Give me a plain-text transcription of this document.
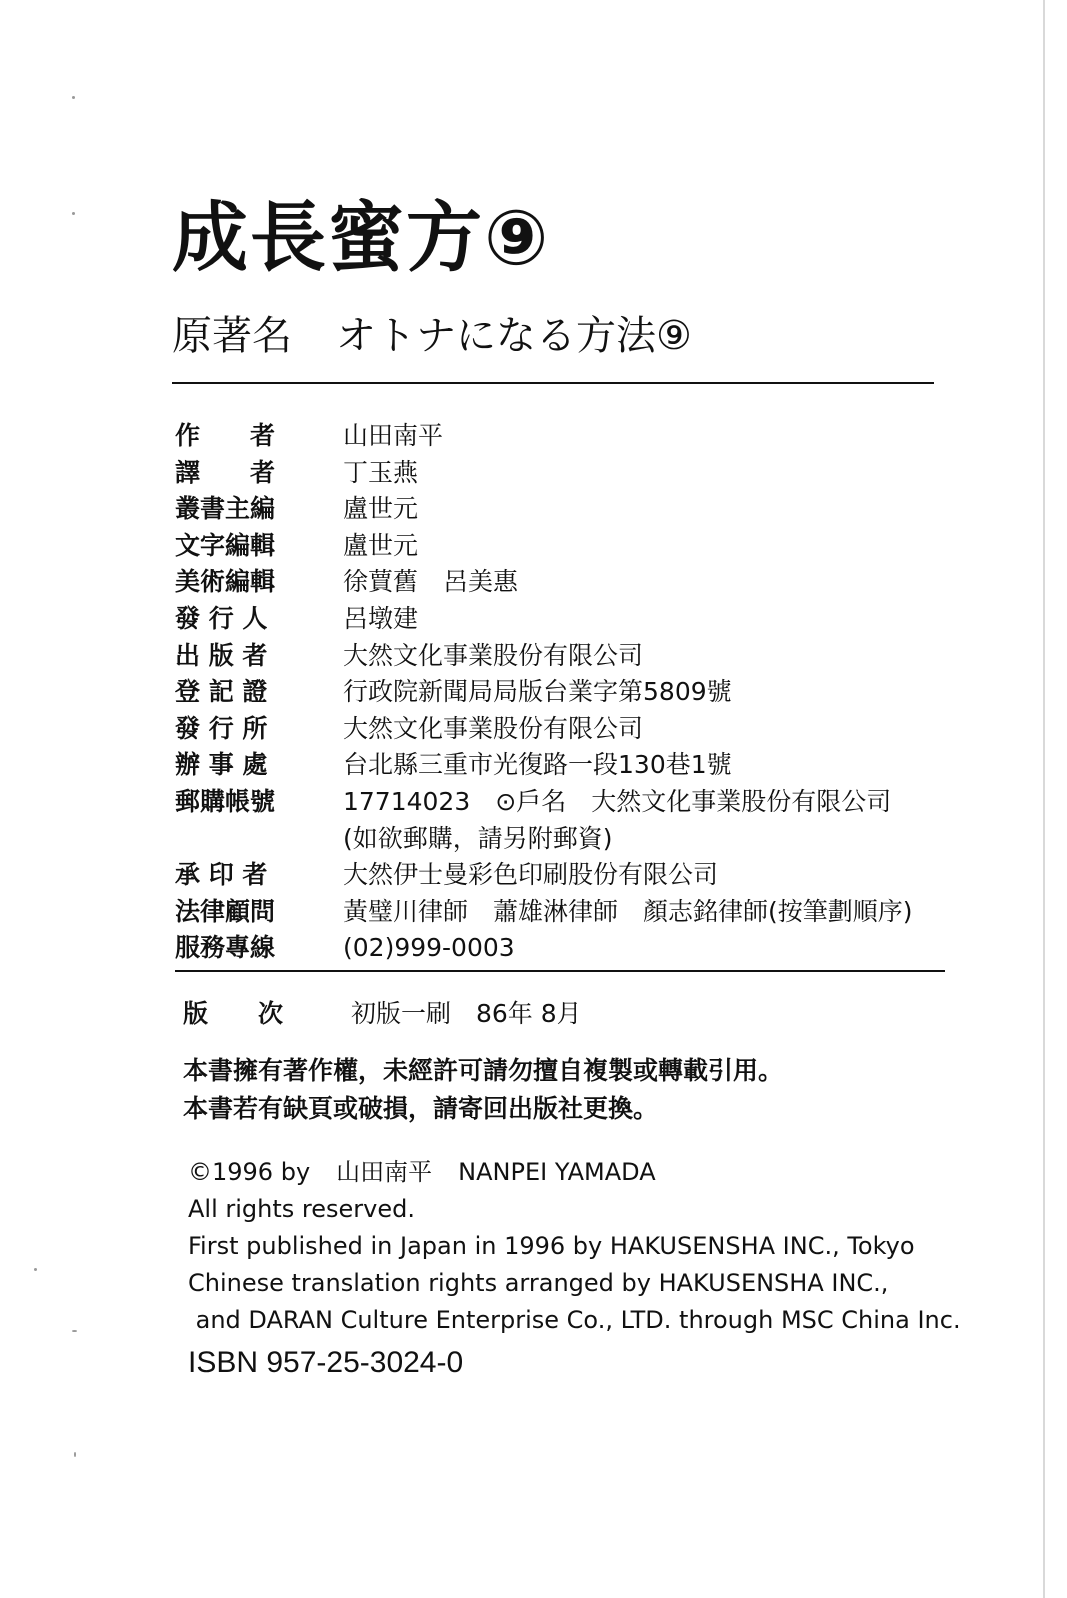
成長蜜方⑨
原著名 オトナになる方法⑨
作　　者	山田南平
譯　　者	丁玉燕
叢書主編	盧世元
文字編輯	盧世元
美術編輯	徐蕒舊　呂美惠
發 行 人	呂墩建
出 版 者	大然文化事業股份有限公司
登 記 證	行政院新聞局局版台業字第5809號
發 行 所	大然文化事業股份有限公司
辦 事 處	台北縣三重市光復路一段130巷1號
郵購帳號	17714023　⊙戶名　大然文化事業股份有限公司
(如欲郵購，請另附郵資)
承 印 者	大然伊士曼彩色印刷股份有限公司
法律顧問	黃璧川律師　蕭雄淋律師　顏志銘律師(按筆劃順序)
服務專線	(02)999-0003
版　　次	初版一刷　86年 8月
本書擁有著作權，未經許可請勿擅自複製或轉載引用。
本書若有缺頁或破損，請寄回出版社更換。
©1996 by 山田南平 NANPEI YAMADA
All rights reserved.
First published in Japan in 1996 by HAKUSENSHA INC., Tokyo
Chinese translation rights arranged by HAKUSENSHA INC.,
and DARAN Culture Enterprise Co., LTD. through MSC China Inc.
ISBN 957-25-3024-0
